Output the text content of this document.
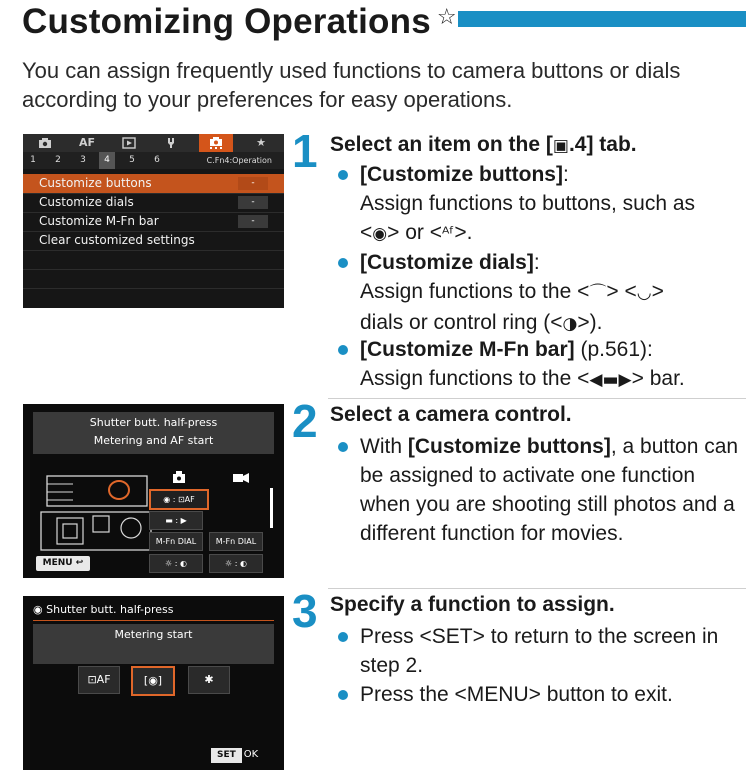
Customizing Operations ☆

You can assign frequently used functions to camera buttons or dials according to your preferences for easy operations.

AF	★
1	2	3	4	5	6	C.Fn4:Operation
Customize buttons	-
Customize dials	-
Customize M-Fn bar	-
Clear customized settings
Shutter butt. half-press
Metering and AF start
◉ : ⊡AF
▬ : ▶
M-Fn DIAL	M-Fn DIAL
☼ : ◐	☼ : ◐
MENU ↩
◉ Shutter butt. half-press
Metering start
⊡AF	[◉]	✱
SET OK
1 Select an item on the [▣.4] tab.
[Customize buttons]:
Assign functions to buttons, such as
<◉> or <ᴬᶠ>.
[Customize dials]:
Assign functions to the <⌒> <◡>
dials or control ring (<◑>).
[Customize M-Fn bar] (p.561):
Assign functions to the <◀▬▶> bar.
2 Select a camera control.
With [Customize buttons], a button can be assigned to activate one function when you are shooting still photos and a different function for movies.
3 Specify a function to assign.
Press <SET> to return to the screen in step 2.
Press the <MENU> button to exit.
